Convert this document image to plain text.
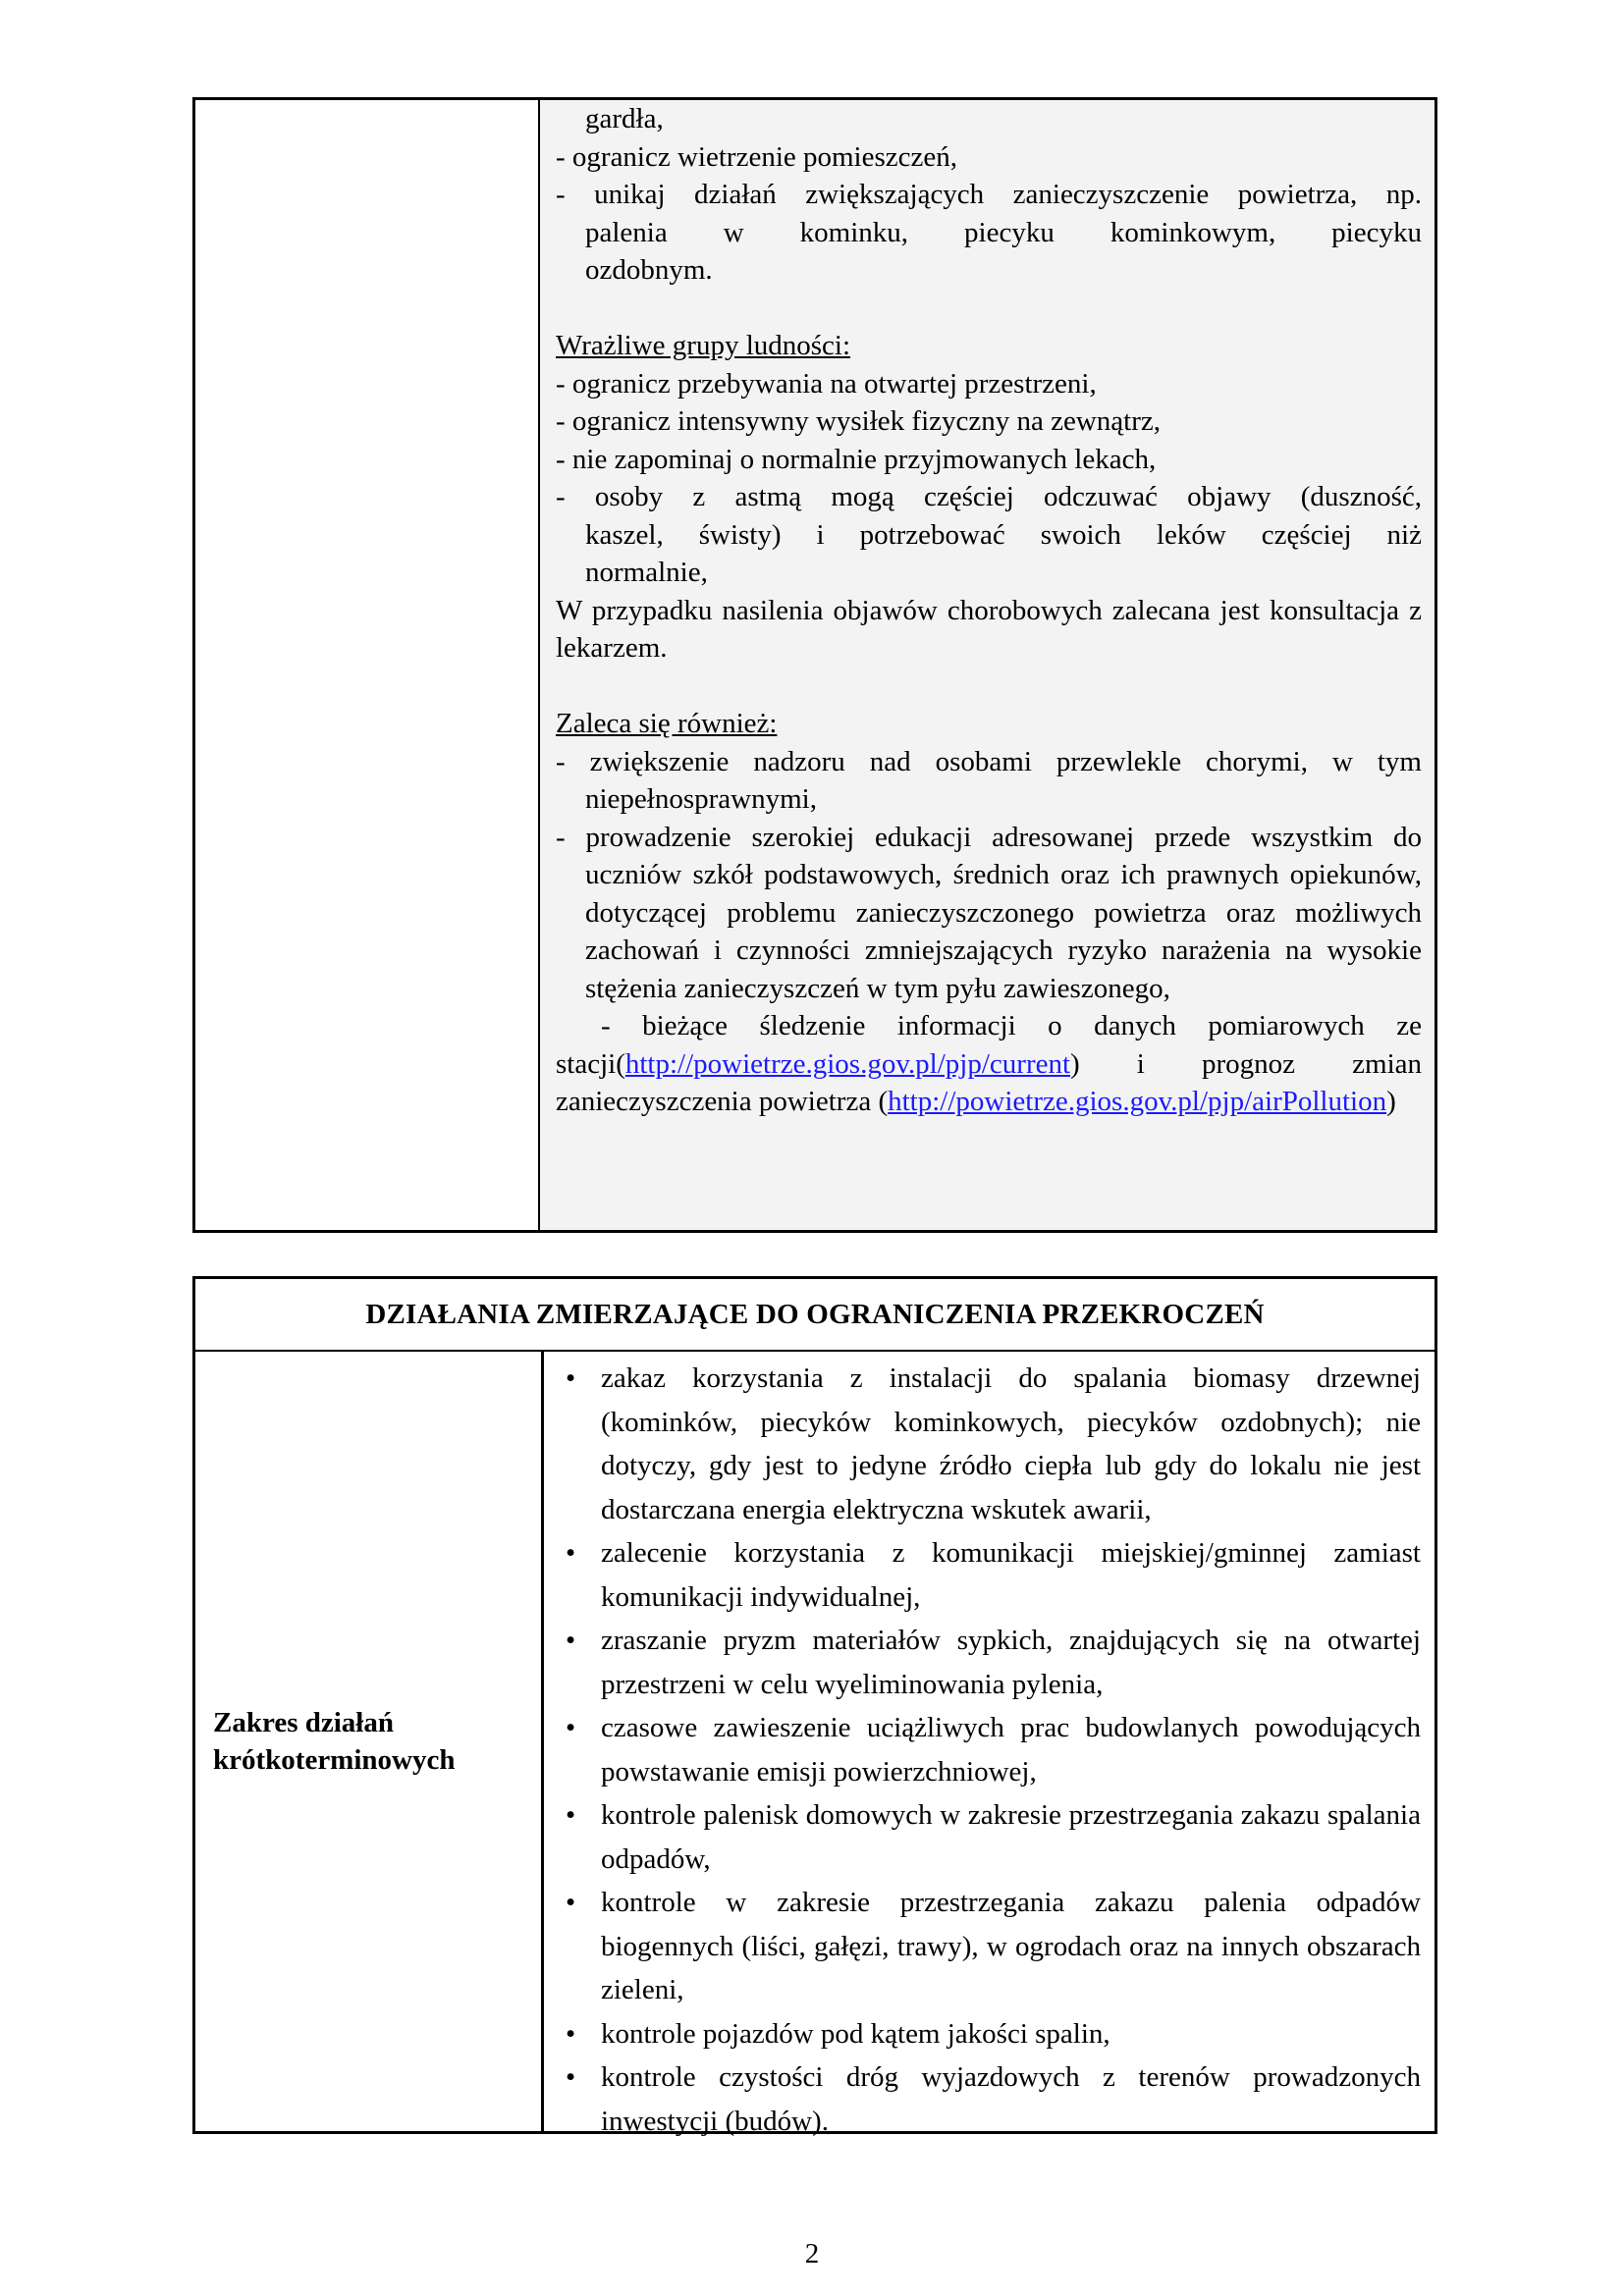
gardła,

- ogranicz wietrzenie pomieszczeń,

- unikaj działań zwiększających zanieczyszczenie powietrza, np.

palenia w kominku, piecyku kominkowym, piecyku

ozdobnym.

Wrażliwe grupy ludności:

- ogranicz przebywania na otwartej przestrzeni,

- ogranicz intensywny wysiłek fizyczny na zewnątrz,

- nie zapominaj o normalnie przyjmowanych lekach,

- osoby z astmą mogą częściej odczuwać objawy (duszność,

kaszel, świsty) i potrzebować swoich leków częściej niż

normalnie,

W przypadku nasilenia objawów chorobowych zalecana jest konsultacja z lekarzem.

Zaleca się również:

- zwiększenie nadzoru nad osobami przewlekle chorymi, w tym niepełnosprawnymi,

- prowadzenie szerokiej edukacji adresowanej przede wszystkim do uczniów szkół podstawowych, średnich oraz ich prawnych opiekunów, dotyczącej problemu zanieczyszczonego powietrza oraz możliwych zachowań i czynności zmniejszających ryzyko narażenia na wysokie stężenia zanieczyszczeń w tym pyłu zawieszonego,

- bieżące śledzenie informacji o danych pomiarowych ze stacji(http://powietrze.gios.gov.pl/pjp/current) i prognoz zmian zanieczyszczenia powietrza (http://powietrze.gios.gov.pl/pjp/airPollution)

DZIAŁANIA ZMIERZAJĄCE DO OGRANICZENIA PRZEKROCZEŃ
Zakres działań krótkoterminowych
• zakaz korzystania z instalacji do spalania biomasy drzewnej (kominków, piecyków kominkowych, piecyków ozdobnych); nie dotyczy, gdy jest to jedyne źródło ciepła lub gdy do lokalu nie jest dostarczana energia elektryczna wskutek awarii,
• zalecenie korzystania z komunikacji miejskiej/gminnej zamiast komunikacji indywidualnej,
• zraszanie pryzm materiałów sypkich, znajdujących się na otwartej przestrzeni w celu wyeliminowania pylenia,
• czasowe zawieszenie uciążliwych prac budowlanych powodujących powstawanie emisji powierzchniowej,
• kontrole palenisk domowych w zakresie przestrzegania zakazu spalania odpadów,
• kontrole w zakresie przestrzegania zakazu palenia odpadów biogennych (liści, gałęzi, trawy), w ogrodach oraz na innych obszarach zieleni,
• kontrole pojazdów pod kątem jakości spalin,
• kontrole czystości dróg wyjazdowych z terenów prowadzonych inwestycji (budów).
2
